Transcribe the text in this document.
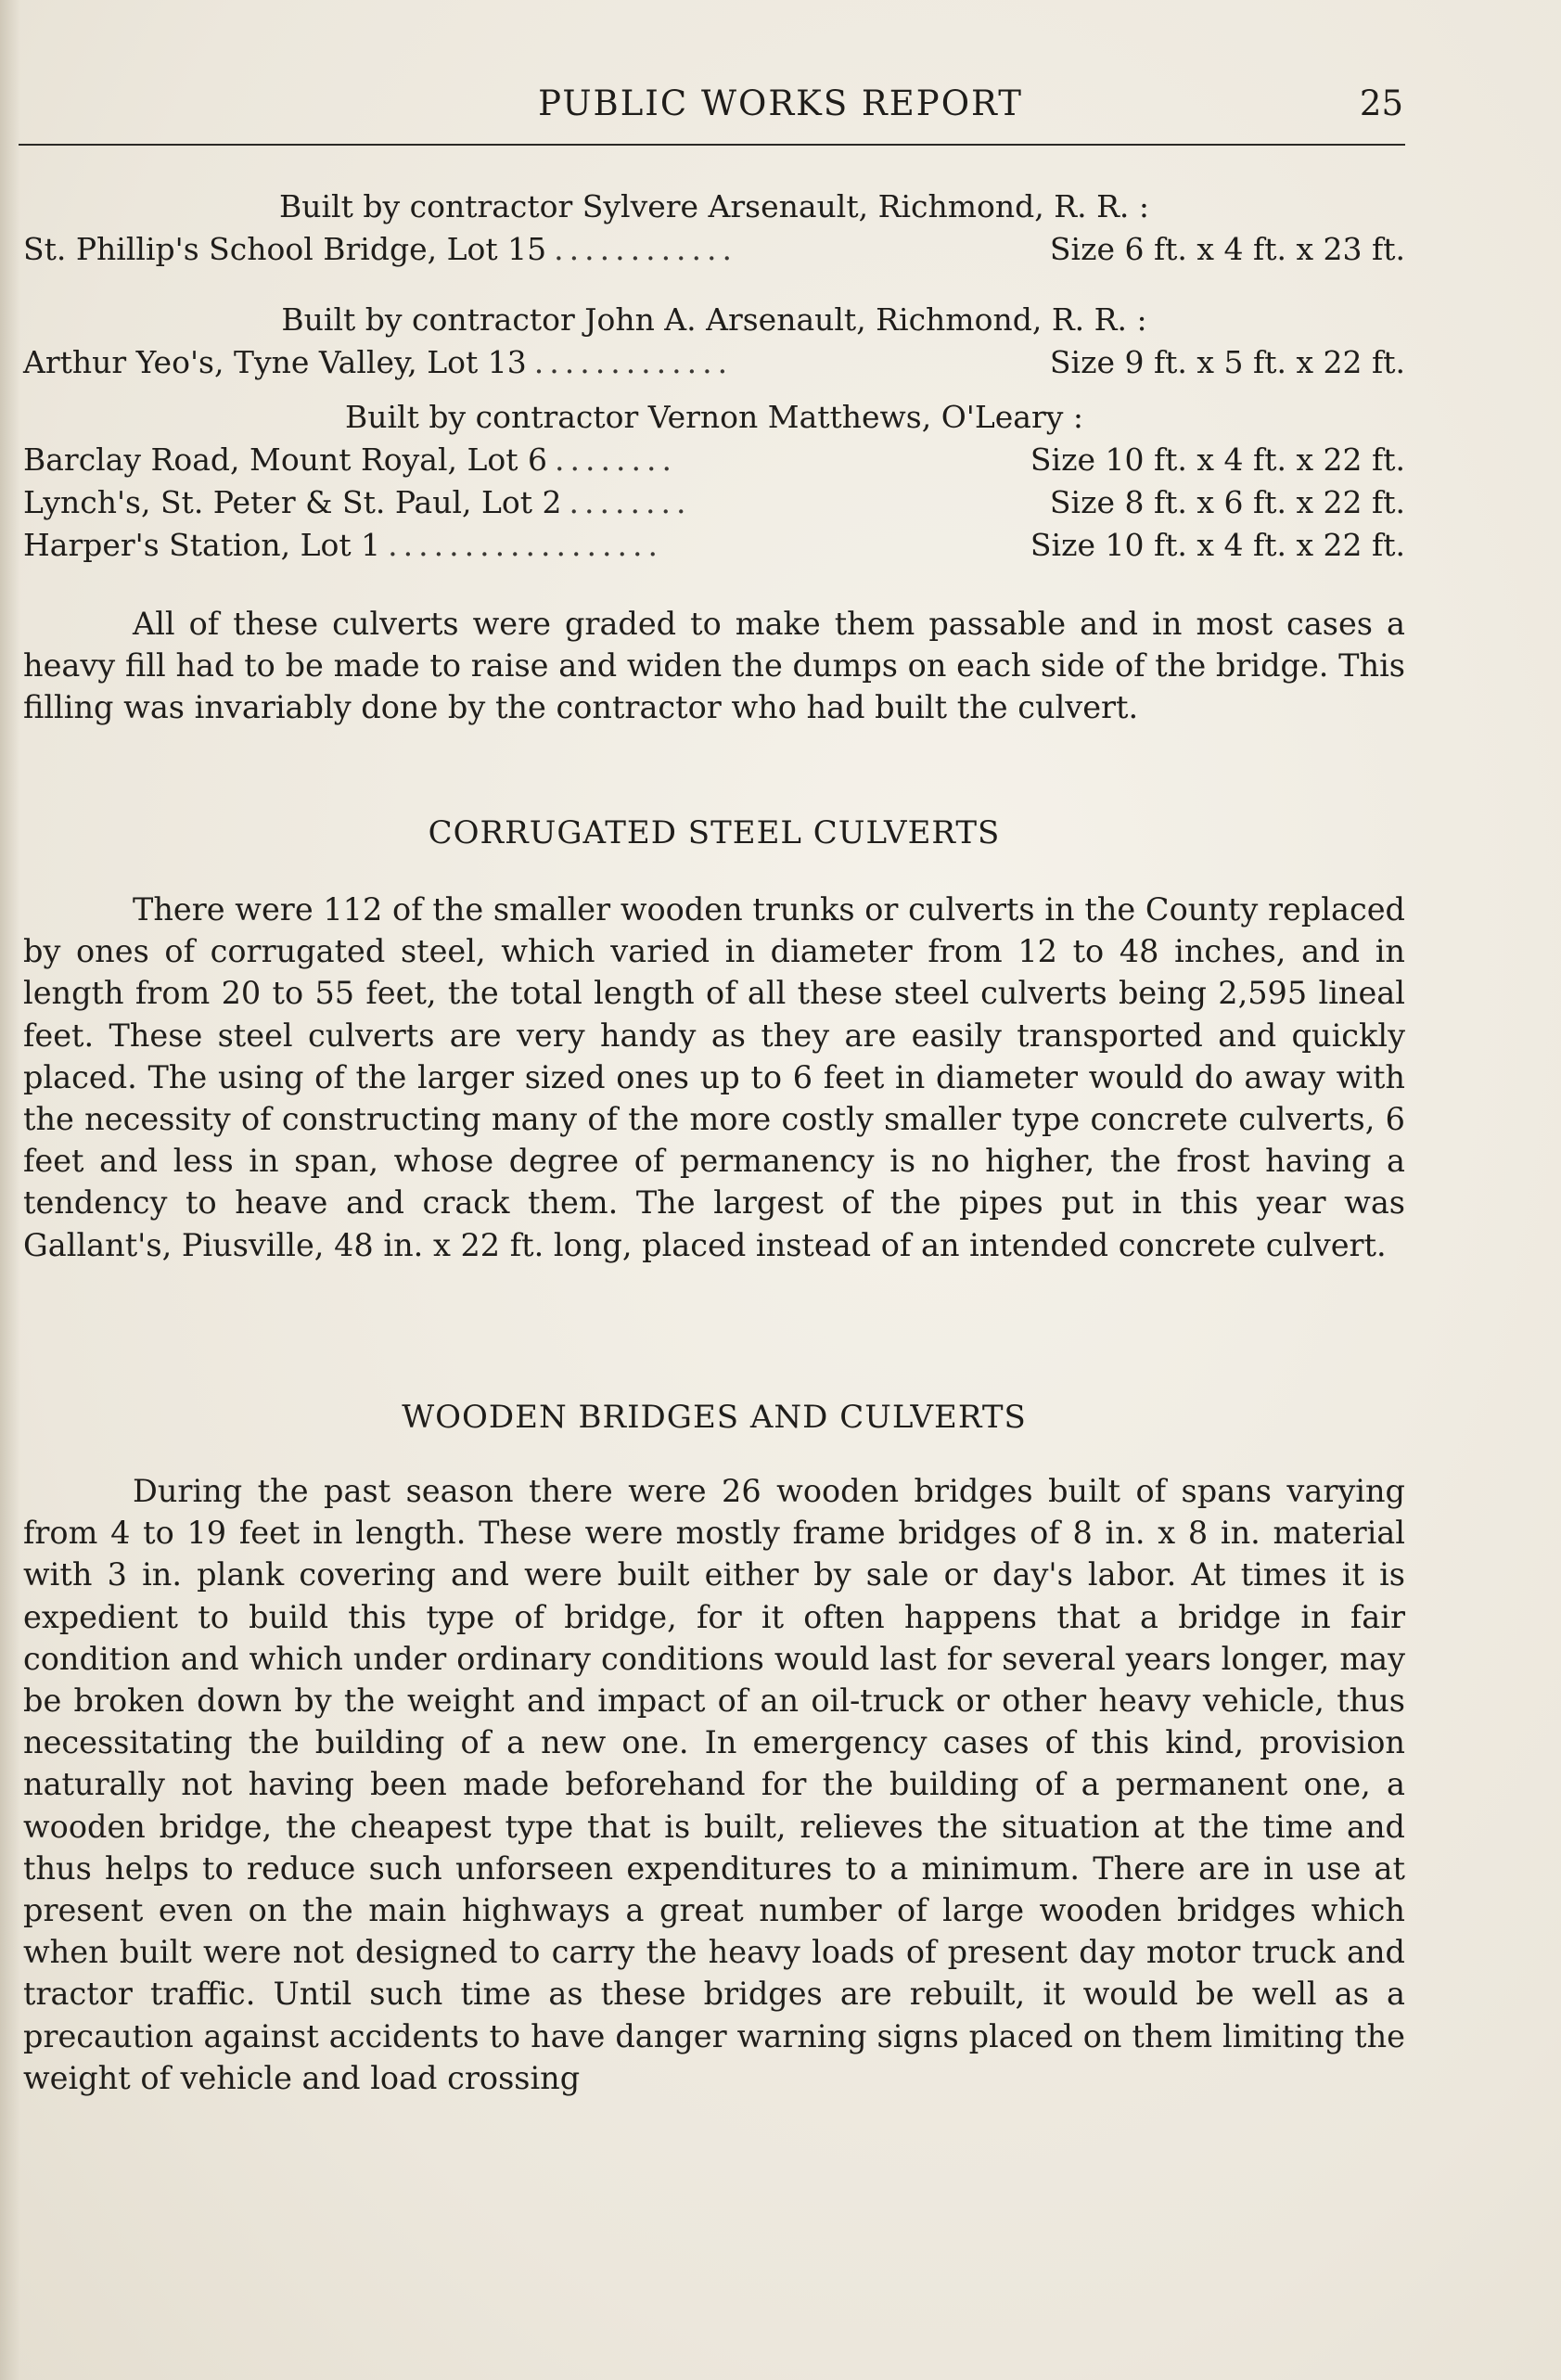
PUBLIC WORKS REPORT	25
Built by contractor Sylvere Arsenault, Richmond, R. R. :
St. Phillip's School Bridge, Lot 15 ............	Size 6 ft. x 4 ft. x 23 ft.
Built by contractor John A. Arsenault, Richmond, R. R. :
Arthur Yeo's, Tyne Valley, Lot 13 .............	Size 9 ft. x 5 ft. x 22 ft.
Built by contractor Vernon Matthews, O'Leary :
Barclay Road, Mount Royal, Lot 6 ........	Size 10 ft. x 4 ft. x 22 ft.
Lynch's, St. Peter & St. Paul, Lot 2 ........	Size 8 ft. x 6 ft. x 22 ft.
Harper's Station, Lot 1 ..................	Size 10 ft. x 4 ft. x 22 ft.

All of these culverts were graded to make them passable and in most cases a heavy fill had to be made to raise and widen the dumps on each side of the bridge. This filling was invariably done by the contractor who had built the culvert.

CORRUGATED STEEL CULVERTS

There were 112 of the smaller wooden trunks or culverts in the County replaced by ones of corrugated steel, which varied in diameter from 12 to 48 inches, and in length from 20 to 55 feet, the total length of all these steel culverts being 2,595 lineal feet. These steel culverts are very handy as they are easily transported and quickly placed. The using of the larger sized ones up to 6 feet in diameter would do away with the necessity of constructing many of the more costly smaller type concrete culverts, 6 feet and less in span, whose degree of permanency is no higher, the frost having a tendency to heave and crack them. The largest of the pipes put in this year was Gallant's, Piusville, 48 in. x 22 ft. long, placed instead of an intended concrete culvert.

WOODEN BRIDGES AND CULVERTS

During the past season there were 26 wooden bridges built of spans varying from 4 to 19 feet in length. These were mostly frame bridges of 8 in. x 8 in. material with 3 in. plank covering and were built either by sale or day's labor. At times it is expedient to build this type of bridge, for it often happens that a bridge in fair condition and which under ordinary conditions would last for several years longer, may be broken down by the weight and impact of an oil-truck or other heavy vehicle, thus necessitating the building of a new one. In emergency cases of this kind, provision naturally not having been made beforehand for the building of a permanent one, a wooden bridge, the cheapest type that is built, relieves the situation at the time and thus helps to reduce such unforseen expenditures to a minimum. There are in use at present even on the main highways a great number of large wooden bridges which when built were not designed to carry the heavy loads of present day motor truck and tractor traffic. Until such time as these bridges are rebuilt, it would be well as a precaution against accidents to have danger warning signs placed on them limiting the weight of vehicle and load crossing
